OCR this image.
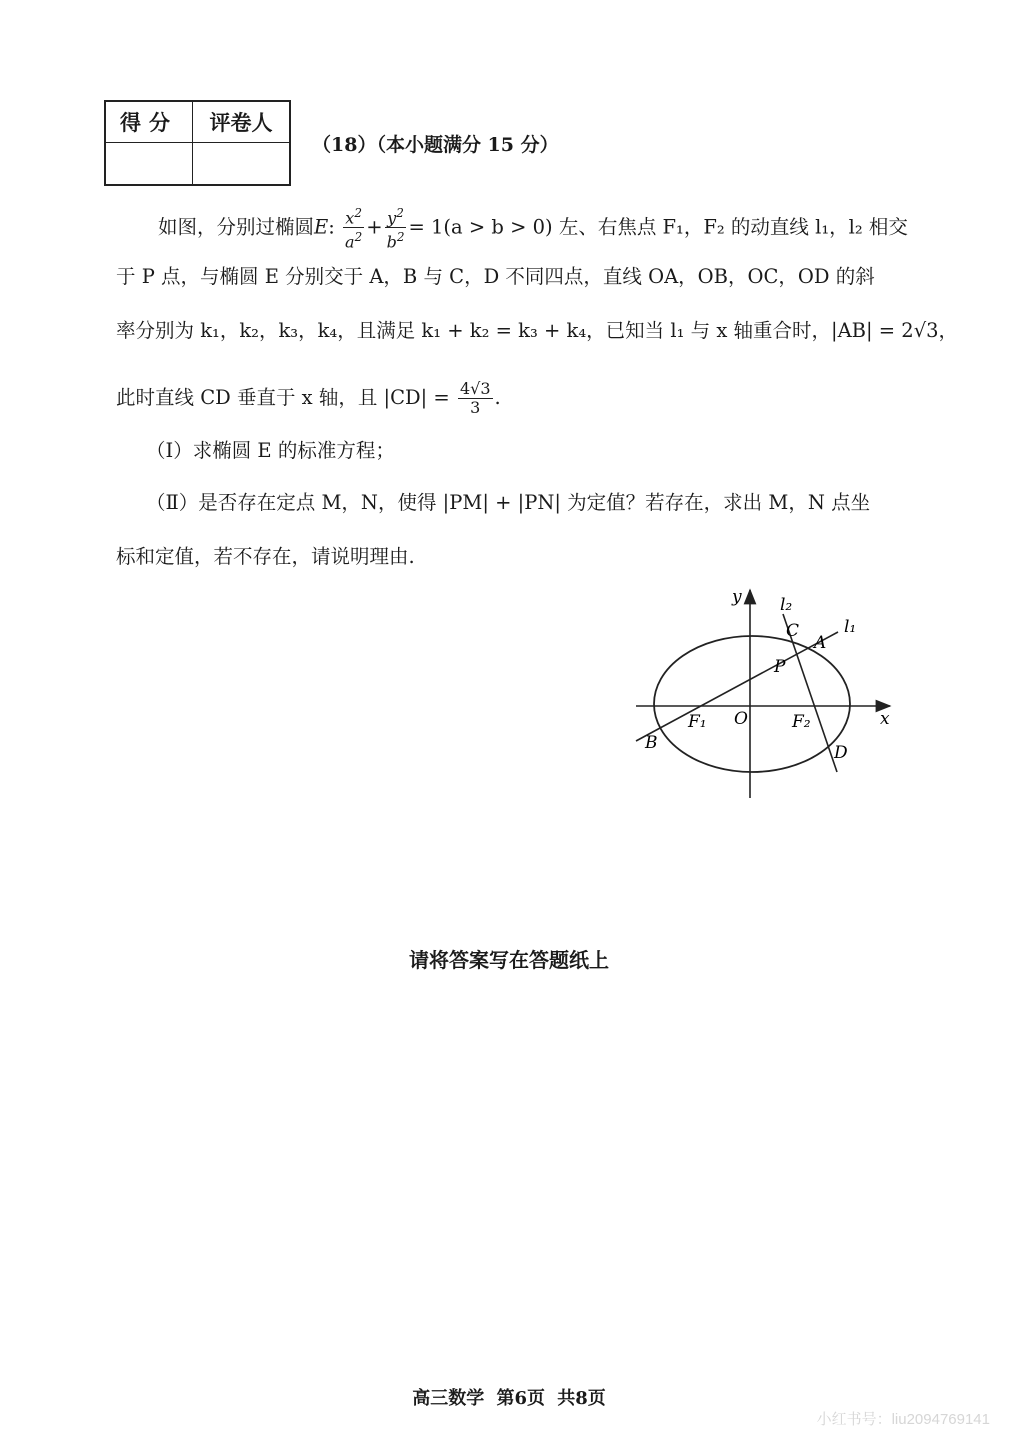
得分	评卷人

（18）（本小题满分 15 分）
如图，分别过椭圆E: $\frac{x^2}{a^2} + \frac{y^2}{b^2} = 1(a > b > 0)$ 左、右焦点 F₁，F₂ 的动直线 l₁，l₂ 相交
于 P 点，与椭圆 E 分别交于 A，B 与 C，D 不同四点，直线 OA，OB，OC，OD 的斜
率分别为 k₁，k₂，k₃，k₄，且满足 k₁ + k₂ = k₃ + k₄，已知当 l₁ 与 x 轴重合时，|AB| = 2√3，
此时直线 CD 垂直于 x 轴，且 $|CD| = \frac{4√3}{3}$ .
（Ⅰ）求椭圆 E 的标准方程；
（Ⅱ）是否存在定点 M，N，使得 |PM| + |PN| 为定值？若存在，求出 M，N 点坐
标和定值，若不存在，请说明理由.
y
x
l₂
l₁
C
A
P
F₁ O	F₂
B	D
请将答案写在答题纸上
高三数学 第6页 共8页
小红书号：liu2094769141
